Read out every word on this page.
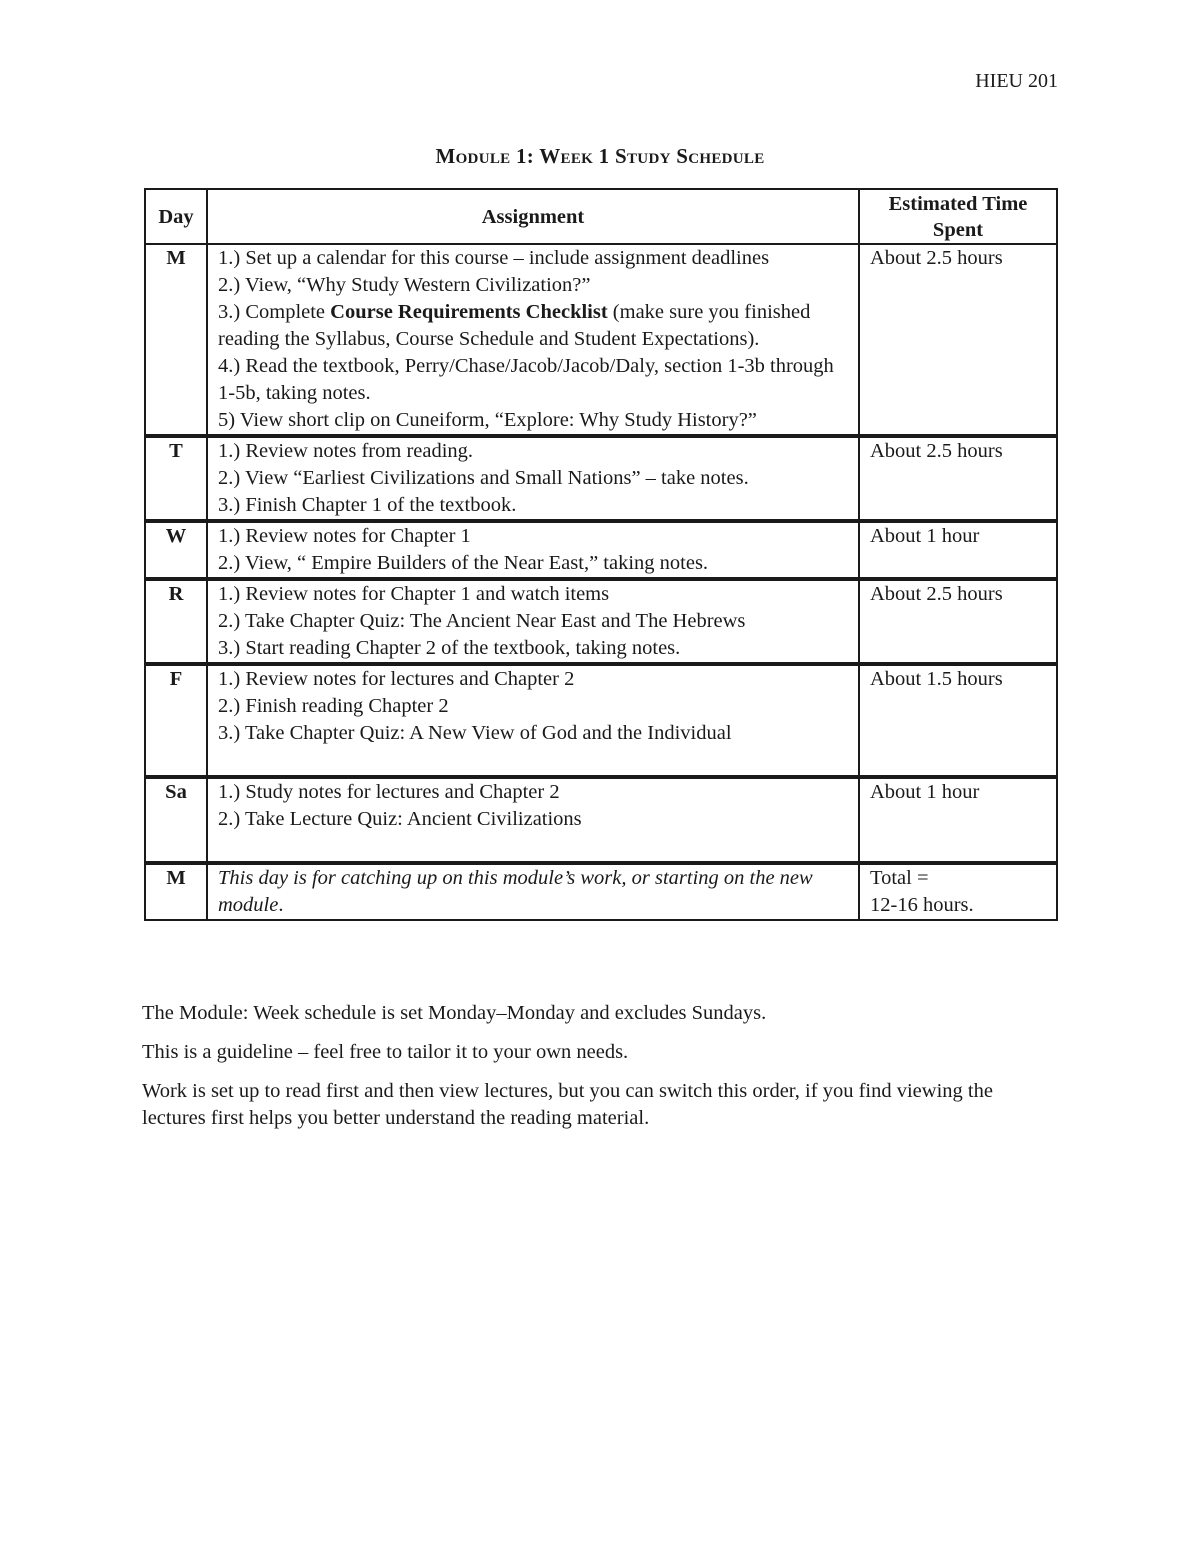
HIEU 201
Module 1: Week 1 Study Schedule
Day	Assignment	Estimated Time Spent
M	1.) Set up a calendar for this course – include assignment deadlines
2.) View, “Why Study Western Civilization?”
3.) Complete Course Requirements Checklist (make sure you finished reading the Syllabus, Course Schedule and Student Expectations).
4.) Read the textbook, Perry/Chase/Jacob/Jacob/Daly, section 1-3b through 1-5b, taking notes.
5) View short clip on Cuneiform, “Explore: Why Study History?”	About 2.5 hours
T	1.) Review notes from reading.
2.) View “Earliest Civilizations and Small Nations” – take notes.
3.) Finish Chapter 1 of the textbook.	About 2.5 hours
W	1.) Review notes for Chapter 1
2.) View, “ Empire Builders of the Near East,” taking notes.	About 1 hour
R	1.) Review notes for Chapter 1 and watch items
2.) Take Chapter Quiz: The Ancient Near East and The Hebrews
3.) Start reading Chapter 2 of the textbook, taking notes.	About 2.5 hours
F	1.) Review notes for lectures and Chapter 2
2.) Finish reading Chapter 2
3.) Take Chapter Quiz: A New View of God and the Individual	About 1.5 hours
Sa	1.) Study notes for lectures and Chapter 2
2.) Take Lecture Quiz: Ancient Civilizations	About 1 hour
M	This day is for catching up on this module’s work, or starting on the new module.	Total =
12-16 hours.

The Module: Week schedule is set Monday–Monday and excludes Sundays.

This is a guideline – feel free to tailor it to your own needs.

Work is set up to read first and then view lectures, but you can switch this order, if you find viewing the lectures first helps you better understand the reading material.
